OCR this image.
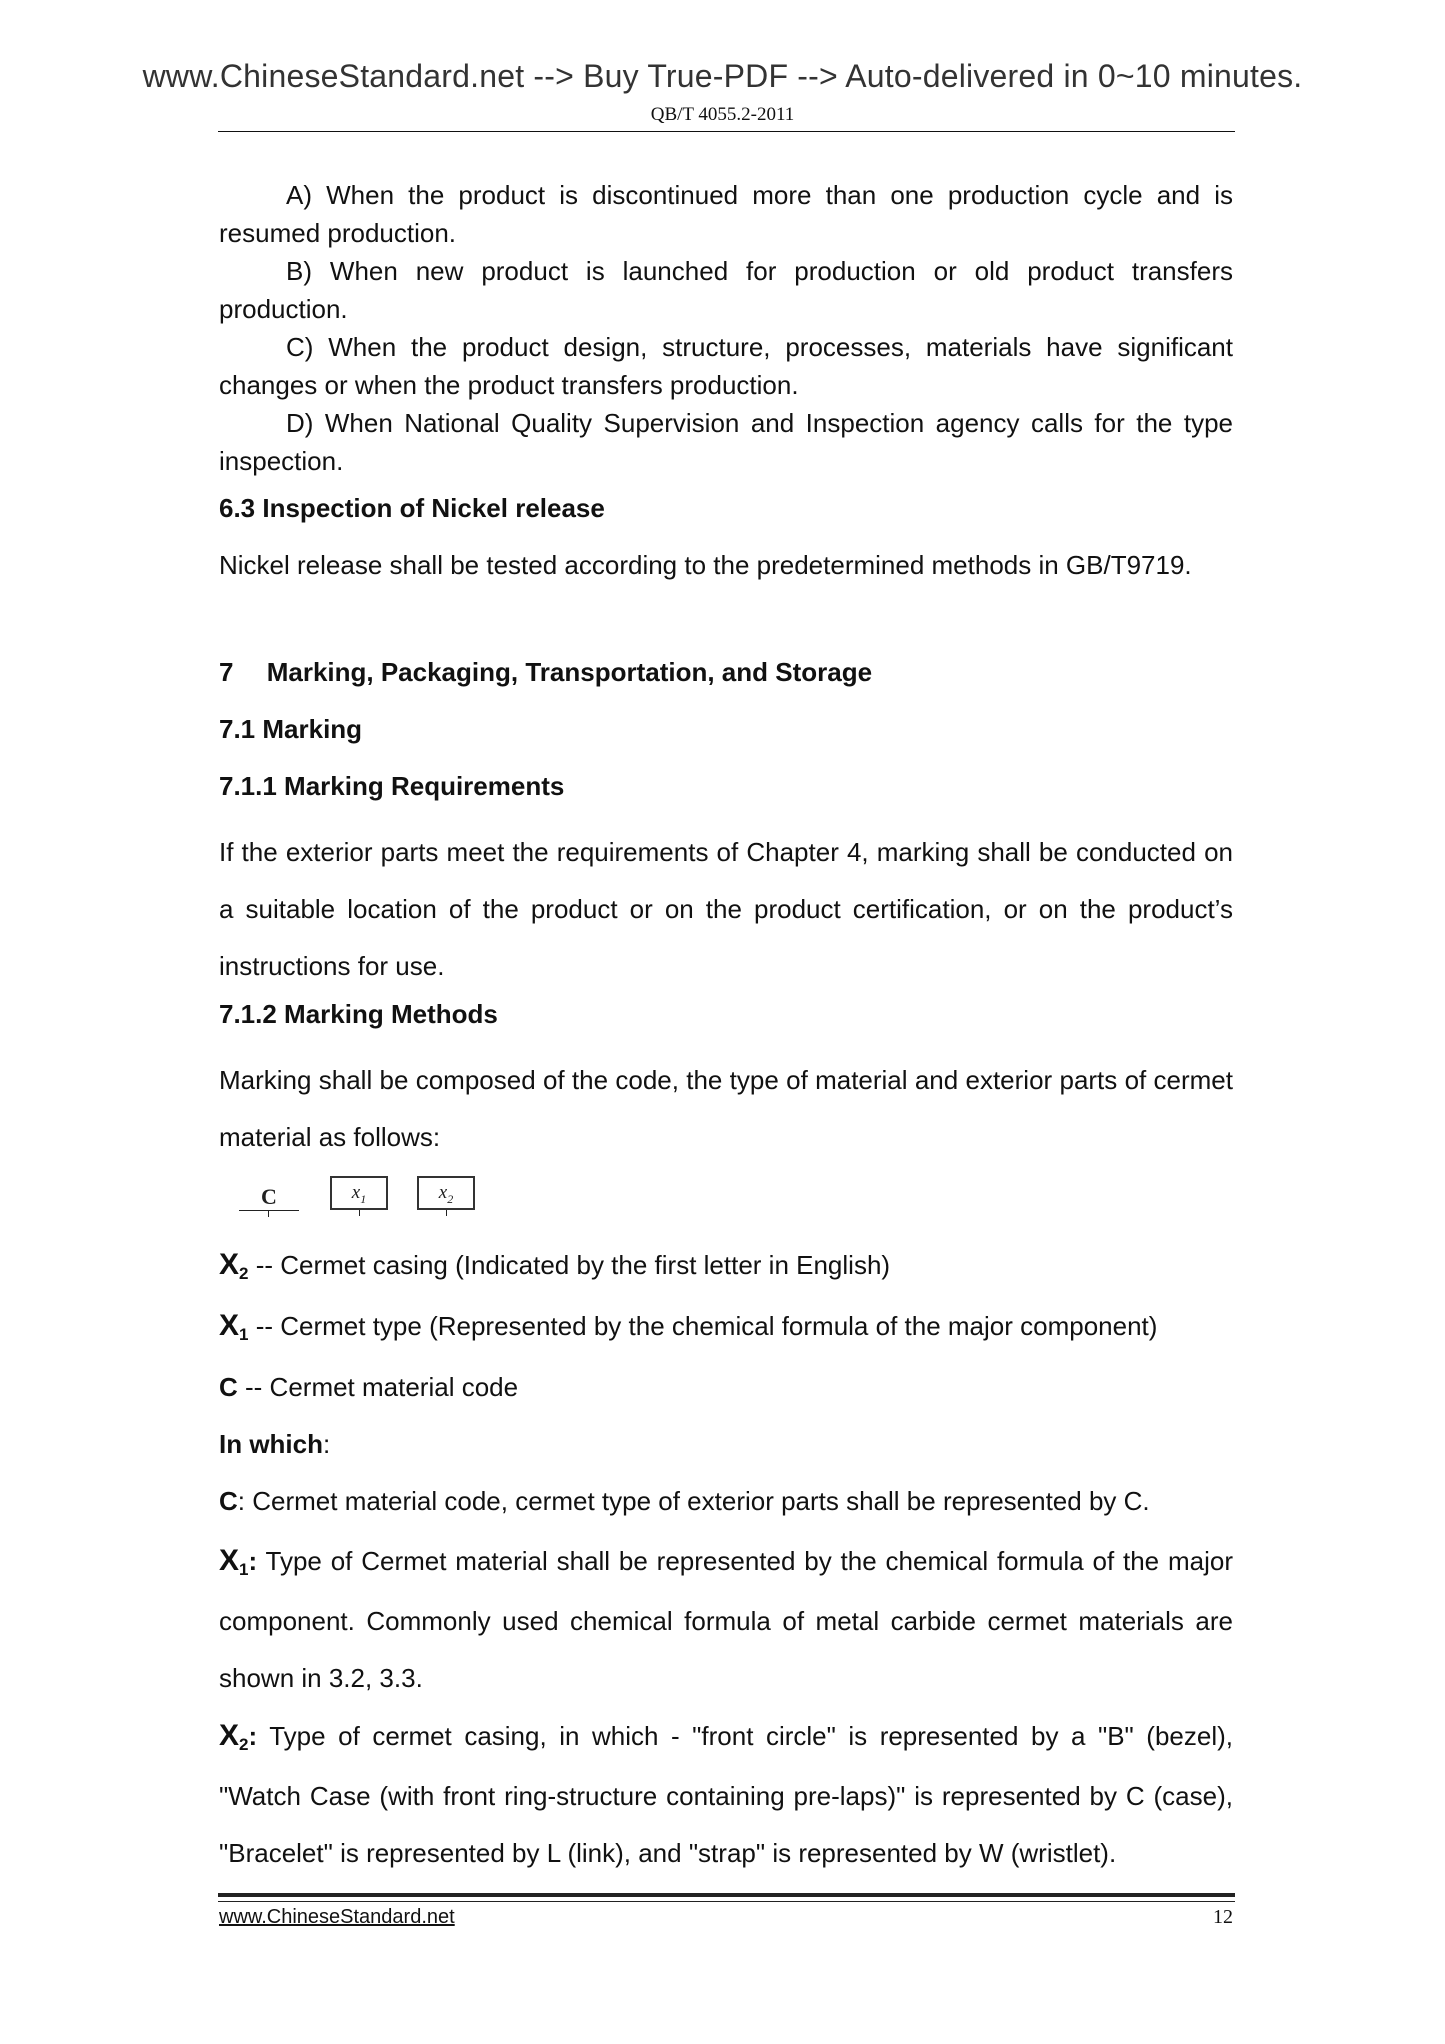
www.ChineseStandard.net --> Buy True-PDF --> Auto-delivered in 0~10 minutes.
QB/T 4055.2-2011

A) When the product is discontinued more than one production cycle and is resumed production.

B) When new product is launched for production or old product transfers production.

C) When the product design, structure, processes, materials have significant changes or when the product transfers production.

D) When National Quality Supervision and Inspection agency calls for the type inspection.

6.3 Inspection of Nickel release

Nickel release shall be tested according to the predetermined methods in GB/T9719.

7 Marking, Packaging, Transportation, and Storage

7.1 Marking

7.1.1 Marking Requirements

If the exterior parts meet the requirements of Chapter 4, marking shall be conducted on a suitable location of the product or on the product certification, or on the product’s instructions for use.

7.1.2 Marking Methods

Marking shall be composed of the code, the type of material and exterior parts of cermet material as follows:

C	$x_1$	$x_2$

X2 -- Cermet casing (Indicated by the first letter in English)

X1 -- Cermet type (Represented by the chemical formula of the major component)

C -- Cermet material code

In which:

C: Cermet material code, cermet type of exterior parts shall be represented by C.

X1: Type of Cermet material shall be represented by the chemical formula of the major component. Commonly used chemical formula of metal carbide cermet materials are shown in 3.2, 3.3.

X2: Type of cermet casing, in which - "front circle" is represented by a "B" (bezel), "Watch Case (with front ring-structure containing pre-laps)" is represented by C (case), "Bracelet" is represented by L (link), and "strap" is represented by W (wristlet).

www.ChineseStandard.net	12
